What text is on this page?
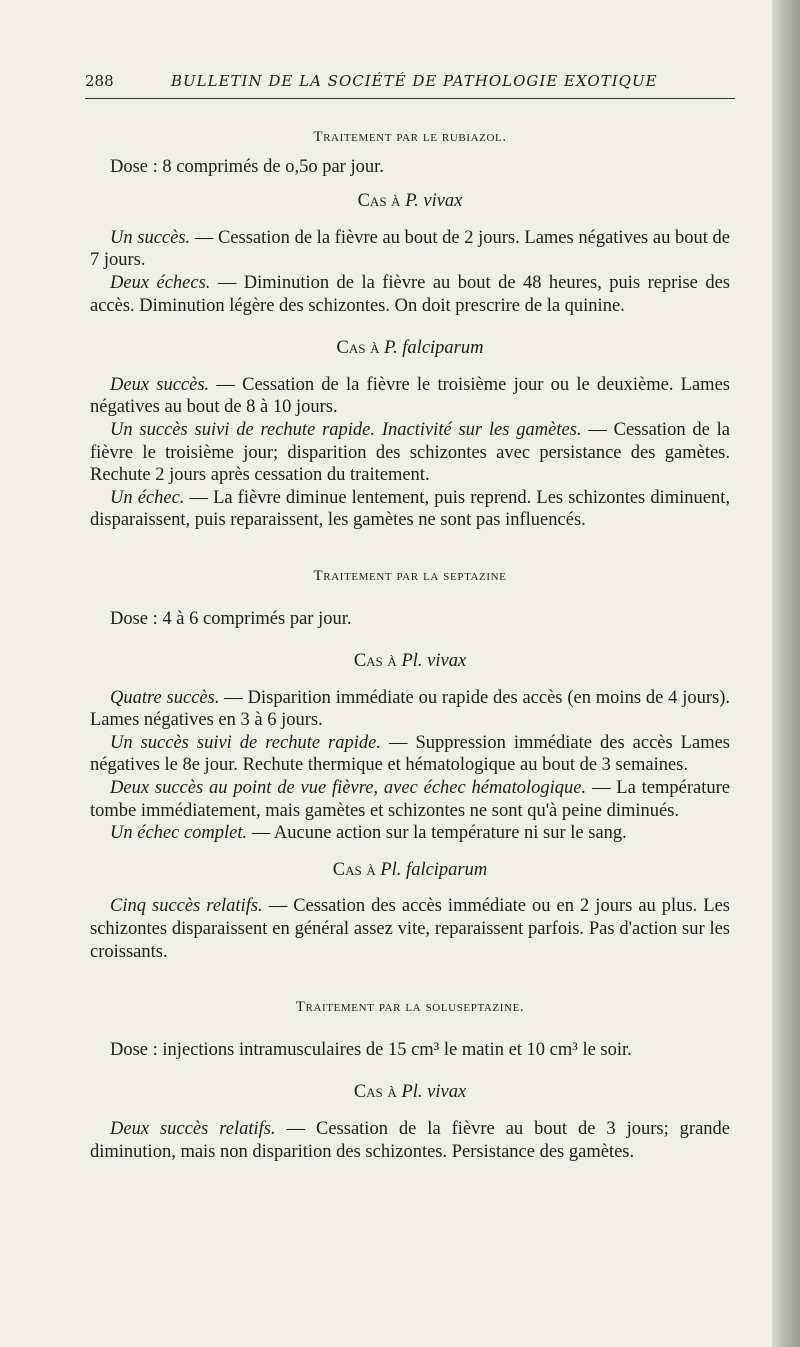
288	BULLETIN DE LA SOCIÉTÉ DE PATHOLOGIE EXOTIQUE

Traitement par le rubiazol.

Dose : 8 comprimés de o,5o par jour.

Cas à P. vivax

Un succès. — Cessation de la fièvre au bout de 2 jours. Lames négatives au bout de 7 jours.

Deux échecs. — Diminution de la fièvre au bout de 48 heures, puis reprise des accès. Diminution légère des schizontes. On doit prescrire de la quinine.

Cas à P. falciparum

Deux succès. — Cessation de la fièvre le troisième jour ou le deuxième. Lames négatives au bout de 8 à 10 jours.

Un succès suivi de rechute rapide. Inactivité sur les gamètes. — Cessation de la fièvre le troisième jour; disparition des schizontes avec persistance des gamètes. Rechute 2 jours après cessation du traitement.

Un échec. — La fièvre diminue lentement, puis reprend. Les schizontes diminuent, disparaissent, puis reparaissent, les gamètes ne sont pas influencés.

Traitement par la septazine

Dose : 4 à 6 comprimés par jour.

Cas à Pl. vivax

Quatre succès. — Disparition immédiate ou rapide des accès (en moins de 4 jours). Lames négatives en 3 à 6 jours.

Un succès suivi de rechute rapide. — Suppression immédiate des accès Lames négatives le 8e jour. Rechute thermique et hématologique au bout de 3 semaines.

Deux succès au point de vue fièvre, avec échec hématologique. — La température tombe immédiatement, mais gamètes et schizontes ne sont qu'à peine diminués.

Un échec complet. — Aucune action sur la température ni sur le sang.

Cas à Pl. falciparum

Cinq succès relatifs. — Cessation des accès immédiate ou en 2 jours au plus. Les schizontes disparaissent en général assez vite, reparaissent parfois. Pas d'action sur les croissants.

Traitement par la soluseptazine.

Dose : injections intramusculaires de 15 cm³ le matin et 10 cm³ le soir.

Cas à Pl. vivax

Deux succès relatifs. — Cessation de la fièvre au bout de 3 jours; grande diminution, mais non disparition des schizontes. Persistance des gamètes.
